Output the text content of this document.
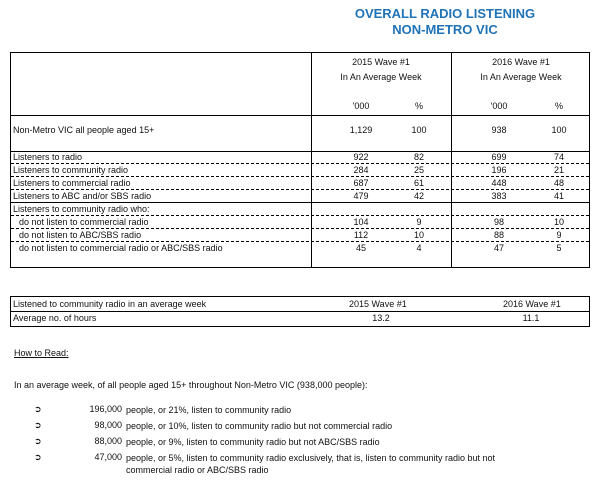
OVERALL RADIO LISTENING
NON-METRO VIC
2015 Wave #1
In An Average Week
2016 Wave #1
In An Average Week
'000	%	'000	%
Non-Metro VIC all people aged 15+	1,129	100	938	100
Listeners to radio	922	82	699	74
Listeners to community radio	284	25	196	21
Listeners to commercial radio	687	61	448	48
Listeners to ABC and/or SBS radio	479	42	383	41
Listeners to community radio who:
do not listen to commercial radio	104	9	98	10
do not listen to ABC/SBS radio	112	10	88	9
do not listen to commercial radio or ABC/SBS radio	45	4	47	5
Listened to community radio in an average week	2015 Wave #1	2016 Wave #1
Average no. of hours	13.2	11.1
How to Read:
In an average week, of all people aged 15+ throughout Non-Metro VIC (938,000 people):
➲	196,000 people, or 21%, listen to community radio
➲	98,000 people, or 10%, listen to community radio but not commercial radio
➲	88,000 people, or 9%, listen to community radio but not ABC/SBS radio
➲	47,000 people, or 5%, listen to community radio exclusively, that is, listen to community radio but not commercial radio or ABC/SBS radio
